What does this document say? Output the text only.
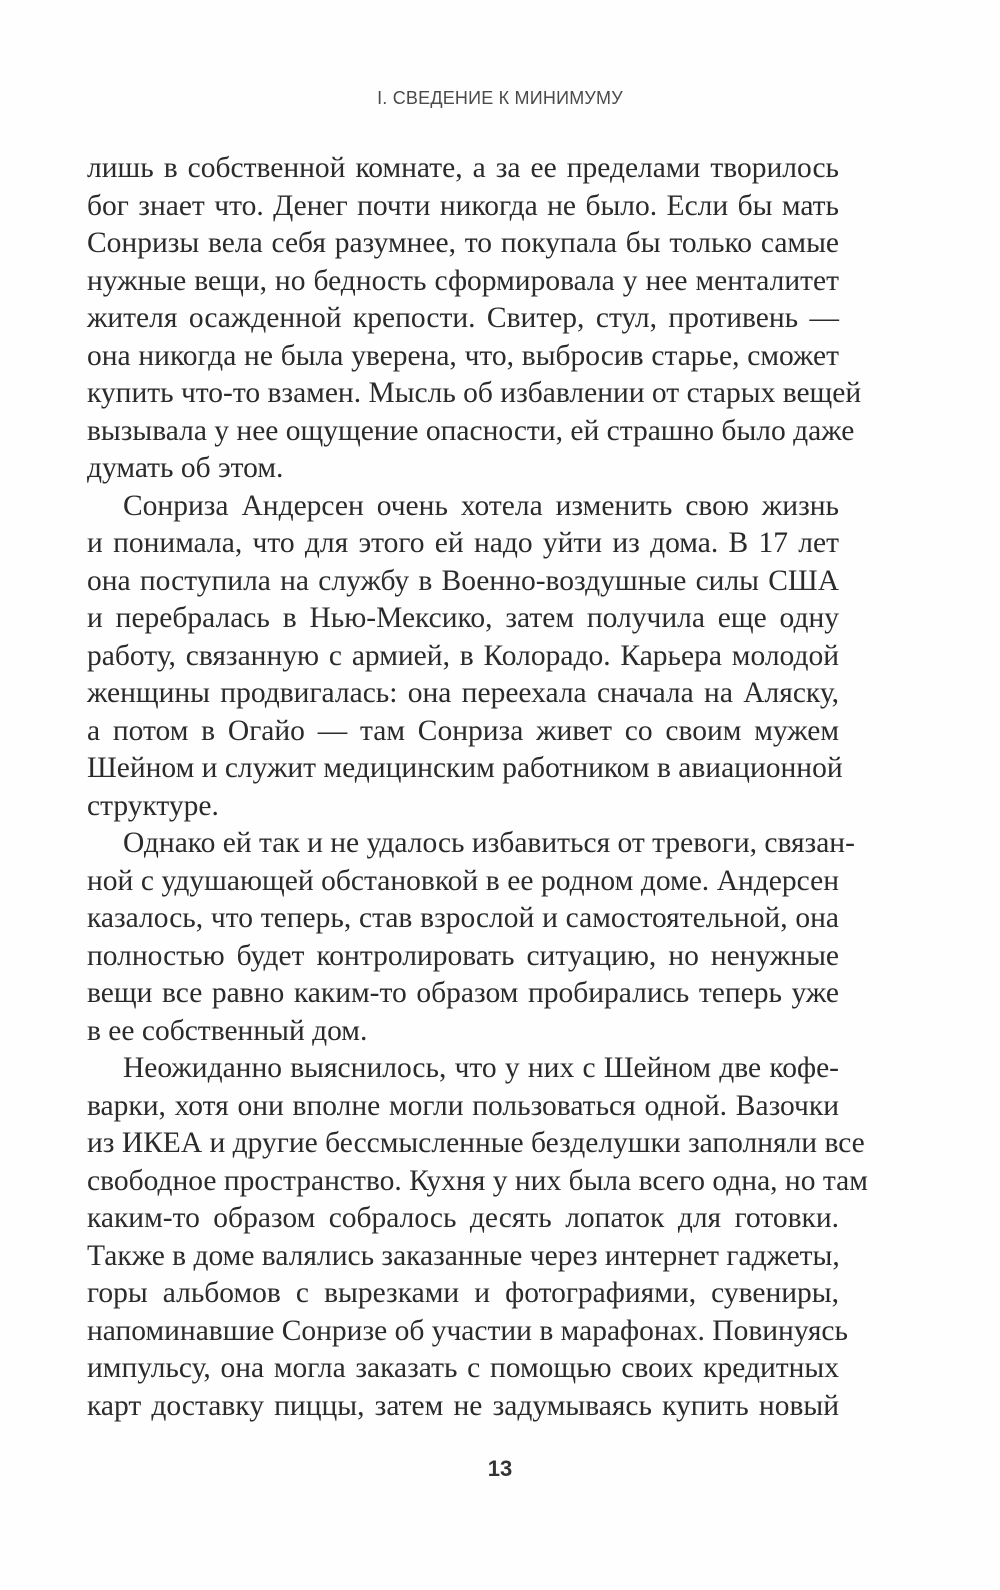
I. СВЕДЕНИЕ К МИНИМУМУ
лишь в собственной комнате, а за ее пределами творилось
бог знает что. Денег почти никогда не было. Если бы мать
Сонризы вела себя разумнее, то покупала бы только самые
нужные вещи, но бедность сформировала у нее менталитет
жителя осажденной крепости. Свитер, стул, противень —
она никогда не была уверена, что, выбросив старье, сможет
купить что-то взамен. Мысль об избавлении от старых вещей
вызывала у нее ощущение опасности, ей страшно было даже
думать об этом.
Сонриза Андерсен очень хотела изменить свою жизнь
и понимала, что для этого ей надо уйти из дома. В 17 лет
она поступила на службу в Военно-воздушные силы США
и перебралась в Нью-Мексико, затем получила еще одну
работу, связанную с армией, в Колорадо. Карьера молодой
женщины продвигалась: она переехала сначала на Аляску,
а потом в Огайо — там Сонриза живет со своим мужем
Шейном и служит медицинским работником в авиационной
структуре.
Однако ей так и не удалось избавиться от тревоги, связан-
ной с удушающей обстановкой в ее родном доме. Андерсен
казалось, что теперь, став взрослой и самостоятельной, она
полностью будет контролировать ситуацию, но ненужные
вещи все равно каким-то образом пробирались теперь уже
в ее собственный дом.
Неожиданно выяснилось, что у них с Шейном две кофе-
варки, хотя они вполне могли пользоваться одной. Вазочки
из ИКЕА и другие бессмысленные безделушки заполняли все
свободное пространство. Кухня у них была всего одна, но там
каким-то образом собралось десять лопаток для готовки.
Также в доме валялись заказанные через интернет гаджеты,
горы альбомов с вырезками и фотографиями, сувениры,
напоминавшие Сонризе об участии в марафонах. Повинуясь
импульсу, она могла заказать с помощью своих кредитных
карт доставку пиццы, затем не задумываясь купить новый
13
